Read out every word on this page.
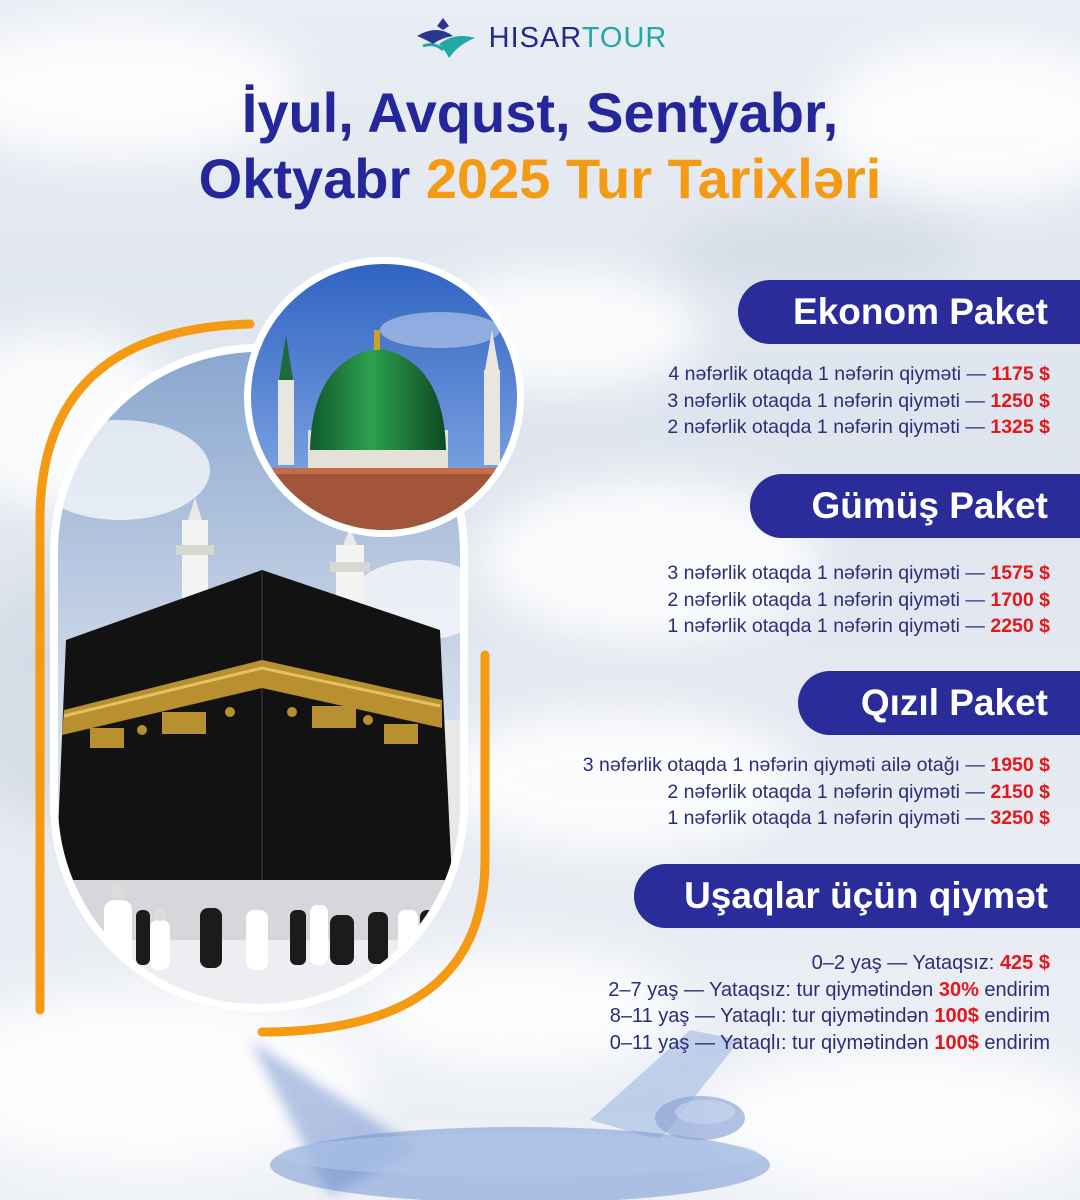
HISARTOUR
İyul, Avqust, Sentyabr,
Oktyabr 2025 Tur Tarixləri
Ekonom Paket
4 nəfərlik otaqda 1 nəfərin qiyməti — 1175 $
3 nəfərlik otaqda 1 nəfərin qiyməti — 1250 $
2 nəfərlik otaqda 1 nəfərin qiyməti — 1325 $
Gümüş Paket
3 nəfərlik otaqda 1 nəfərin qiyməti — 1575 $
2 nəfərlik otaqda 1 nəfərin qiyməti — 1700 $
1 nəfərlik otaqda 1 nəfərin qiyməti — 2250 $
Qızıl Paket
3 nəfərlik otaqda 1 nəfərin qiyməti ailə otağı — 1950 $
2 nəfərlik otaqda 1 nəfərin qiyməti — 2150 $
1 nəfərlik otaqda 1 nəfərin qiyməti — 3250 $
Uşaqlar üçün qiymət
0–2 yaş — Yataqsız: 425 $
2–7 yaş — Yataqsız: tur qiymətindən 30% endirim
8–11 yaş — Yataqlı: tur qiymətindən 100$ endirim
0–11 yaş — Yataqlı: tur qiymətindən 100$ endirim
